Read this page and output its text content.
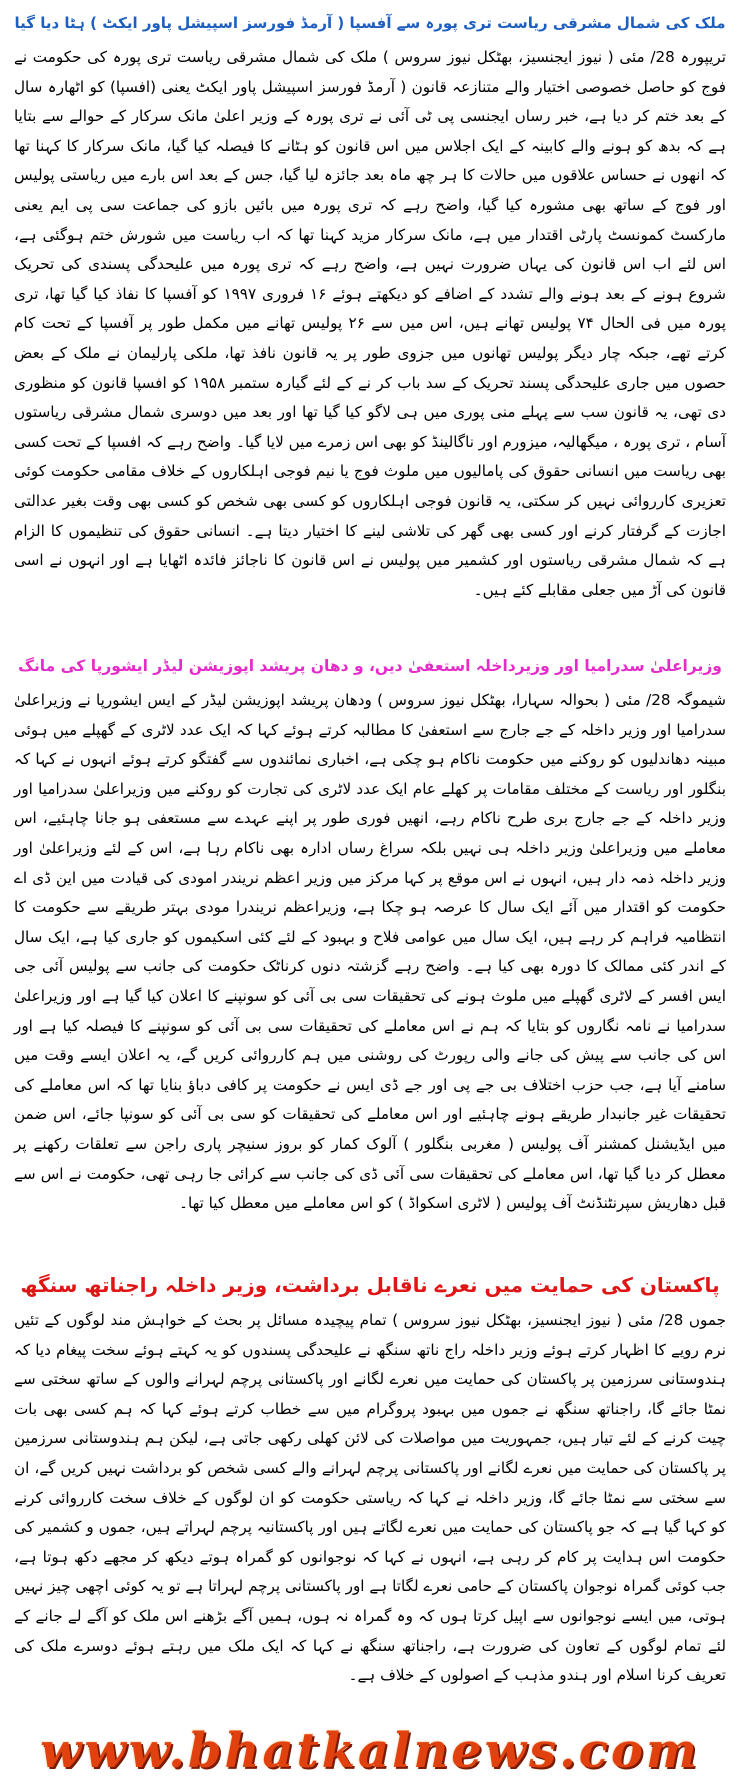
ملک کی شمال مشرقی ریاست تری پورہ سے آفسپا ( آرمڈ فورسز اسپیشل پاور ایکٹ ) ہٹا دیا گیا

تریپورہ 28/ مئی ( نیوز ایجنسیز، بھٹکل نیوز سروس ) ملک کی شمال مشرقی ریاست تری پورہ کی حکومت نے فوج کو حاصل خصوصی اختیار والے متنازعہ قانون ( آرمڈ فورسز اسپیشل پاور ایکٹ یعنی (افسپا) کو اٹھارہ سال کے بعد ختم کر دیا ہے، خبر رساں ایجنسی پی ٹی آئی نے تری پورہ کے وزیر اعلیٰ مانک سرکار کے حوالے سے بتایا ہے کہ بدھ کو ہونے والے کابینہ کے ایک اجلاس میں اس قانون کو ہٹانے کا فیصلہ کیا گیا، مانک سرکار کا کہنا تھا کہ انھوں نے حساس علاقوں میں حالات کا ہر چھ ماہ بعد جائزہ لیا گیا، جس کے بعد اس بارے میں ریاستی پولیس اور فوج کے ساتھ بھی مشورہ کیا گیا، واضح رہے کہ تری پورہ میں بائیں بازو کی جماعت سی پی ایم یعنی مارکسٹ کمونسٹ پارٹی اقتدار میں ہے، مانک سرکار مزید کہنا تھا کہ اب ریاست میں شورش ختم ہوگئی ہے، اس لئے اب اس قانون کی یہاں ضرورت نہیں ہے، واضح رہے کہ تری پورہ میں علیحدگی پسندی کی تحریک شروع ہونے کے بعد ہونے والے تشدد کے اضافے کو دیکھتے ہوئے ۱۶ فروری ۱۹۹۷ کو آفسپا کا نفاذ کیا گیا تھا، تری پورہ میں فی الحال ۷۴ پولیس تھانے ہیں، اس میں سے ۲۶ پولیس تھانے میں مکمل طور پر آفسپا کے تحت کام کرتے تھے، جبکہ چار دیگر پولیس تھانوں میں جزوی طور پر یہ قانون نافذ تھا، ملکی پارلیمان نے ملک کے بعض حصوں میں جاری علیحدگی پسند تحریک کے سد باب کر نے کے لئے گیارہ ستمبر ۱۹۵۸ کو افسپا قانون کو منظوری دی تھی، یہ قانون سب سے پہلے منی پوری میں ہی لاگو کیا گیا تھا اور بعد میں دوسری شمال مشرقی ریاستوں آسام ، تری پورہ ، میگھالیہ، میزورم اور ناگالینڈ کو بھی اس زمرے میں لایا گیا۔ واضح رہے کہ افسپا کے تحت کسی بھی ریاست میں انسانی حقوق کی پامالیوں میں ملوث فوج یا نیم فوجی اہلکاروں کے خلاف مقامی حکومت کوئی تعزیری کارروائی نہیں کر سکتی، یہ قانون فوجی اہلکاروں کو کسی بھی شخص کو کسی بھی وقت بغیر عدالتی اجازت کے گرفتار کرنے اور کسی بھی گھر کی تلاشی لینے کا اختیار دیتا ہے۔ انسانی حقوق کی تنظیموں کا الزام ہے کہ شمال مشرقی ریاستوں اور کشمیر میں پولیس نے اس قانون کا ناجائز فائدہ اٹھایا ہے اور انہوں نے اسی قانون کی آڑ میں جعلی مقابلے کئے ہیں۔

وزیراعلیٰ سدرامیا اور وزیرداخلہ استعفیٰ دیں، و دھان پریشد اپوزیشن لیڈر ایشورپا کی مانگ

شیموگہ 28/ مئی ( بحوالہ سہارا، بھٹکل نیوز سروس ) ودھان پریشد اپوزیشن لیڈر کے ایس ایشورپا نے وزیراعلیٰ سدرامیا اور وزیر داخلہ کے جے جارج سے استعفیٰ کا مطالبہ کرتے ہوئے کہا کہ ایک عدد لاٹری کے گھپلے میں ہوئی مبینہ دھاندلیوں کو روکنے میں حکومت ناکام ہو چکی ہے، اخباری نمائندوں سے گفتگو کرتے ہوئے انہوں نے کہا کہ بنگلور اور ریاست کے مختلف مقامات پر کھلے عام ایک عدد لاٹری کی تجارت کو روکنے میں وزیراعلیٰ سدرامیا اور وزیر داخلہ کے جے جارج بری طرح ناکام رہے، انھیں فوری طور پر اپنے عہدے سے مستعفی ہو جانا چاہئیے، اس معاملے میں وزیراعلیٰ وزیر داخلہ ہی نہیں بلکہ سراغ رساں ادارہ بھی ناکام رہا ہے، اس کے لئے وزیراعلیٰ اور وزیر داخلہ ذمہ دار ہیں، انہوں نے اس موقع پر کہا مرکز میں وزیر اعظم نریندر امودی کی قیادت میں این ڈی اے حکومت کو اقتدار میں آئے ایک سال کا عرصہ ہو چکا ہے، وزیراعظم نریندرا مودی بہتر طریقے سے حکومت کا انتظامیہ فراہم کر رہے ہیں، ایک سال میں عوامی فلاح و بہبود کے لئے کئی اسکیموں کو جاری کیا ہے، ایک سال کے اندر کئی ممالک کا دورہ بھی کیا ہے۔ واضح رہے گزشتہ دنوں کرناٹک حکومت کی جانب سے پولیس آئی جی ایس افسر کے لاٹری گھپلے میں ملوث ہونے کی تحقیقات سی بی آئی کو سونپنے کا اعلان کیا گیا ہے اور وزیراعلیٰ سدرامیا نے نامہ نگاروں کو بتایا کہ ہم نے اس معاملے کی تحقیقات سی بی آئی کو سونپنے کا فیصلہ کیا ہے اور اس کی جانب سے پیش کی جانے والی رپورٹ کی روشنی میں ہم کارروائی کریں گے، یہ اعلان ایسے وقت میں سامنے آیا ہے، جب حزب اختلاف بی جے پی اور جے ڈی ایس نے حکومت پر کافی دباؤ بنایا تھا کہ اس معاملے کی تحقیقات غیر جانبدار طریقے ہونے چاہئیے اور اس معاملے کی تحقیقات کو سی بی آئی کو سونپا جائے، اس ضمن میں ایڈیشنل کمشنر آف پولیس ( مغربی بنگلور ) آلوک کمار کو بروز سنیچر پاری راجن سے تعلقات رکھنے پر معطل کر دیا گیا تھا، اس معاملے کی تحقیقات سی آئی ڈی کی جانب سے کرائی جا رہی تھی، حکومت نے اس سے قبل دھاریش سپرنٹنڈنٹ آف پولیس ( لاٹری اسکواڈ ) کو اس معاملے میں معطل کیا تھا۔

پاکستان کی حمایت میں نعرے ناقابل برداشت، وزیر داخلہ راجناتھ سنگھ

جموں 28/ مئی ( نیوز ایجنسیز، بھٹکل نیوز سروس ) تمام پیچیدہ مسائل پر بحث کے خواہش مند لوگوں کے تئیں نرم رویے کا اظہار کرتے ہوئے وزیر داخلہ راج ناتھ سنگھ نے علیحدگی پسندوں کو یہ کہتے ہوئے سخت پیغام دیا کہ ہندوستانی سرزمین پر پاکستان کی حمایت میں نعرے لگانے اور پاکستانی پرچم لہرانے والوں کے ساتھ سختی سے نمٹا جائے گا، راجناتھ سنگھ نے جموں میں بہبود پروگرام میں سے خطاب کرتے ہوئے کہا کہ ہم کسی بھی بات چیت کرنے کے لئے تیار ہیں، جمہوریت میں مواصلات کی لائن کھلی رکھی جاتی ہے، لیکن ہم ہندوستانی سرزمین پر پاکستان کی حمایت میں نعرے لگانے اور پاکستانی پرچم لہرانے والے کسی شخص کو برداشت نہیں کریں گے، ان سے سختی سے نمٹا جائے گا، وزیر داخلہ نے کہا کہ ریاستی حکومت کو ان لوگوں کے خلاف سخت کارروائی کرنے کو کہا گیا ہے کہ جو پاکستان کی حمایت میں نعرے لگاتے ہیں اور پاکستانیہ پرچم لہراتے ہیں، جموں و کشمیر کی حکومت اس ہدایت پر کام کر رہی ہے، انہوں نے کہا کہ نوجوانوں کو گمراہ ہوتے دیکھ کر مجھے دکھ ہوتا ہے، جب کوئی گمراہ نوجوان پاکستان کے حامی نعرے لگاتا ہے اور پاکستانی پرچم لہراتا ہے تو یہ کوئی اچھی چیز نہیں ہوتی، میں ایسے نوجوانوں سے اپیل کرتا ہوں کہ وہ گمراہ نہ ہوں، ہمیں آگے بڑھنے اس ملک کو آگے لے جانے کے لئے تمام لوگوں کے تعاون کی ضرورت ہے، راجناتھ سنگھ نے کہا کہ ایک ملک میں رہتے ہوئے دوسرے ملک کی تعریف کرنا اسلام اور ہندو مذہب کے اصولوں کے خلاف ہے۔

www.bhatkalnews.com
